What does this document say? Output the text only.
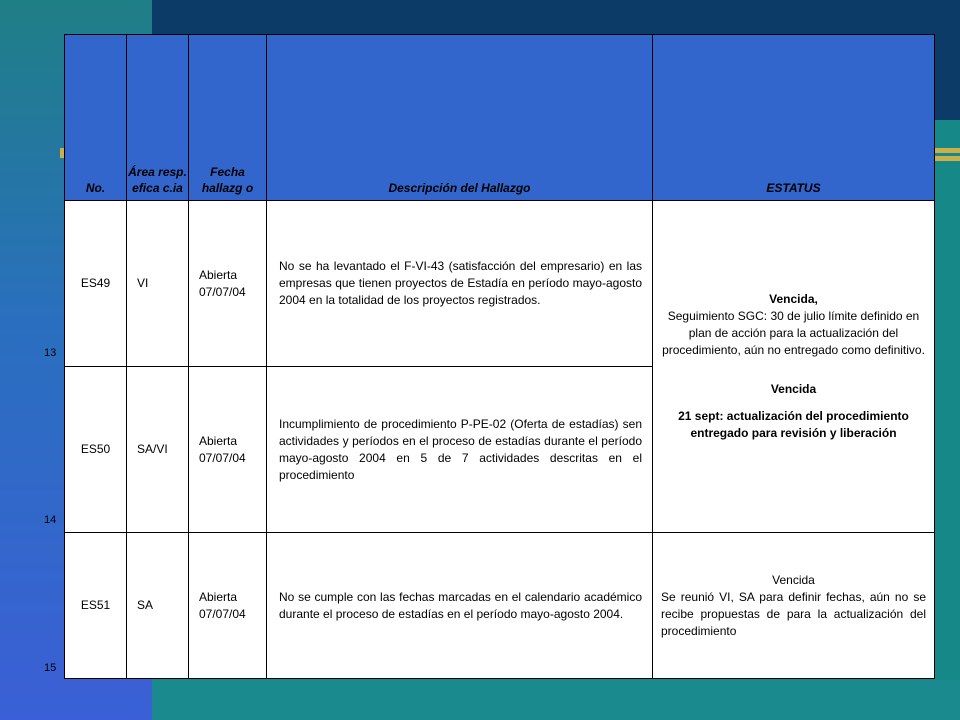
13
14
15
No.	Área resp. efica c.ia	Fecha hallazg o	Descripción del Hallazgo	ESTATUS
ES49	VI	Abierta 07/07/04	No se ha levantado el F-VI-43 (satisfacción del empresario) en las empresas que tienen proyectos de Estadía en período mayo-agosto 2004 en la totalidad de los proyectos registrados.	Vencida,
Seguimiento SGC: 30 de julio límite definido en plan de acción para la actualización del procedimiento, aún no entregado como definitivo.
Vencida
21 sept: actualización del procedimiento entregado para revisión y liberación

ES50	SA/VI	Abierta 07/07/04	Incumplimiento de procedimiento P-PE-02 (Oferta de estadías) sen actividades y períodos en el proceso de estadías durante el período mayo-agosto 2004 en 5 de 7 actividades descritas en el procedimiento	
ES51	SA	Abierta 07/07/04	No se cumple con las fechas marcadas en el calendario académico durante el proceso de estadías en el período mayo-agosto 2004.	Vencida
Se reunió VI, SA para definir fechas, aún no se recibe propuestas de para la actualización del procedimiento
